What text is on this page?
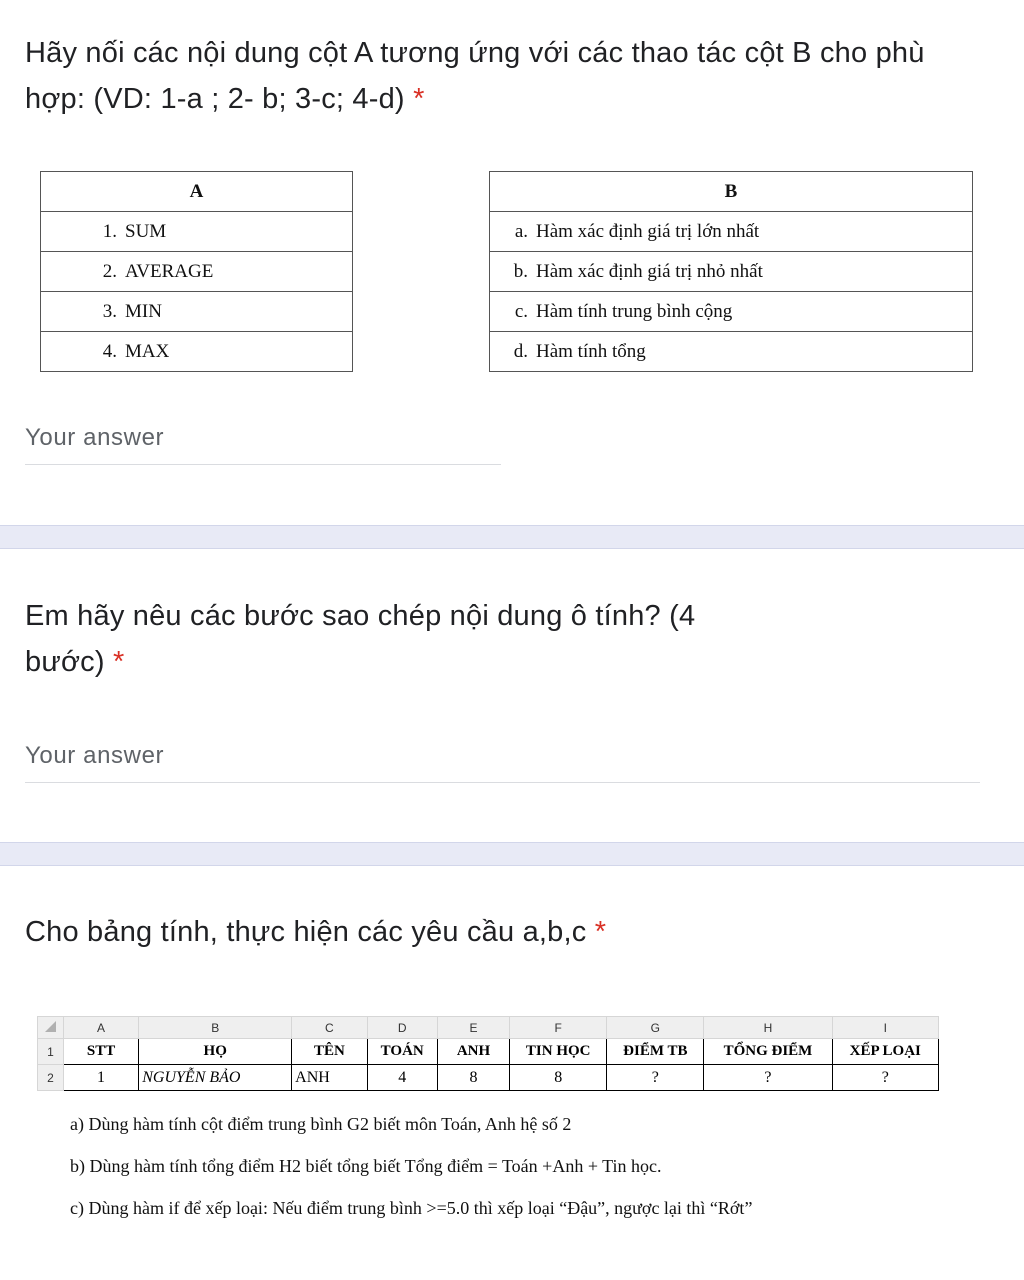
Hãy nối các nội dung cột A tương ứng với các thao tác cột B cho phù hợp: (VD: 1-a ; 2- b; 3-c; 4-d) *
A
1. SUM
2. AVERAGE
3. MIN
4. MAX
B
a. Hàm xác định giá trị lớn nhất
b. Hàm xác định giá trị nhỏ nhất
c. Hàm tính trung bình cộng
d. Hàm tính tổng
Your answer
Em hãy nêu các bước sao chép nội dung ô tính? (4
bước) *
Your answer
Cho bảng tính, thực hiện các yêu cầu a,b,c *
	A	B	C	D	E	F	G	H	I
1	STT	HỌ	TÊN	TOÁN	ANH	TIN HỌC	ĐIỂM TB	TỔNG ĐIỂM	XẾP LOẠI
2	1	NGUYỄN BẢO	ANH	4	8	8	?	?	?
a) Dùng hàm tính cột điểm trung bình G2 biết môn Toán, Anh hệ số 2
b) Dùng hàm tính tổng điểm H2 biết tổng biết Tổng điểm = Toán +Anh + Tin học.
c) Dùng hàm if để xếp loại: Nếu điểm trung bình >=5.0 thì xếp loại “Đậu”, ngược lại thì “Rớt”
